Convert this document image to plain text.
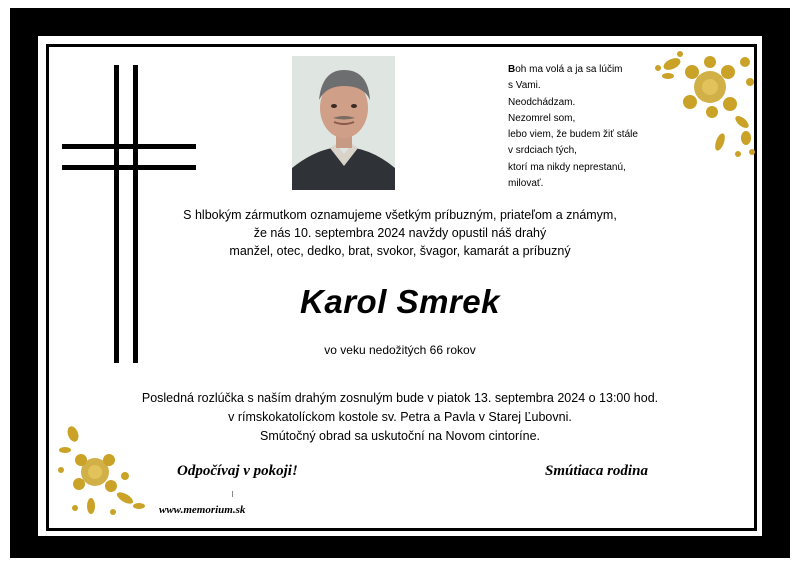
Boh ma volá a ja sa lúčim
s Vami.
Neodchádzam.
Nezomrel som,
lebo viem, že budem žiť stále
v srdciach tých,
ktorí ma nikdy neprestanú,
milovať.
S hlbokým zármutkom oznamujeme všetkým príbuzným, priateľom a známym,
že nás 10. septembra 2024 navždy opustil náš drahý
manžel, otec, dedko, brat, svokor, švagor, kamarát a príbuzný
Karol Smrek
vo veku nedožitých 66 rokov
Posledná rozlúčka s naším drahým zosnulým bude v piatok 13. septembra 2024 o 13:00 hod.
v rímskokatolíckom kostole sv. Petra a Pavla v Starej Ľubovni.
Smútočný obrad sa uskutoční na Novom cintoríne.
Odpočívaj v pokoji!	Smútiaca rodina
www.memorium.sk
